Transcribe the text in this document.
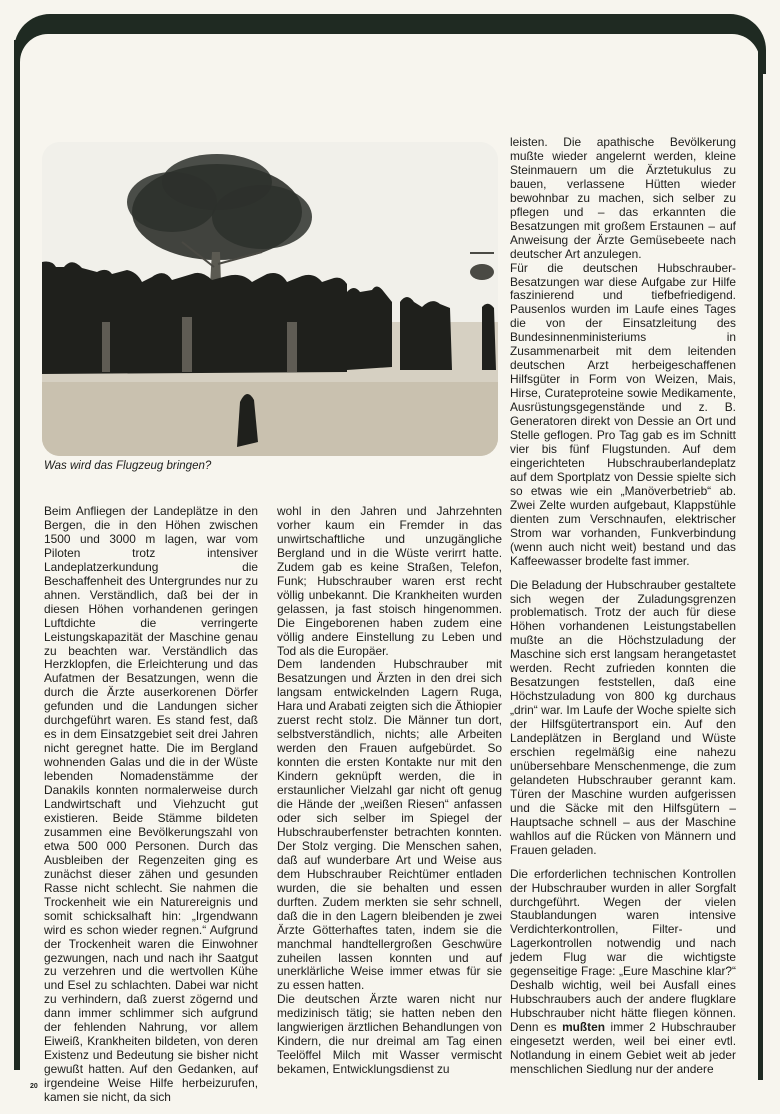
Was wird das Flugzeug bringen?

Beim Anfliegen der Landeplätze in den Bergen, die in den Höhen zwischen 1500 und 3000 m lagen, war vom Piloten trotz intensiver Landeplatzerkundung die Beschaffenheit des Untergrundes nur zu ahnen. Verständlich, daß bei der in diesen Höhen vorhandenen geringen Luftdichte die verringerte Leistungskapazität der Maschine genau zu beachten war. Verständlich das Herzklopfen, die Erleichterung und das Aufatmen der Besatzungen, wenn die durch die Ärzte auserkorenen Dörfer gefunden und die Landungen sicher durchgeführt waren. Es stand fest, daß es in dem Einsatzgebiet seit drei Jahren nicht geregnet hatte. Die im Bergland wohnenden Galas und die in der Wüste lebenden Nomadenstämme der Danakils konnten normalerweise durch Landwirtschaft und Viehzucht gut existieren. Beide Stämme bildeten zusammen eine Bevölkerungszahl von etwa 500 000 Personen. Durch das Ausbleiben der Regenzeiten ging es zunächst dieser zähen und gesunden Rasse nicht schlecht. Sie nahmen die Trockenheit wie ein Naturereignis und somit schicksalhaft hin: „Irgendwann wird es schon wieder regnen.“ Aufgrund der Trockenheit waren die Einwohner gezwungen, nach und nach ihr Saatgut zu verzehren und die wertvollen Kühe und Esel zu schlachten. Dabei war nicht zu verhindern, daß zuerst zögernd und dann immer schlimmer sich aufgrund der fehlenden Nahrung, vor allem Eiweiß, Krankheiten bildeten, von deren Existenz und Bedeutung sie bisher nicht gewußt hatten. Auf den Gedanken, auf irgendeine Weise Hilfe herbeizurufen, kamen sie nicht, da sich

wohl in den Jahren und Jahrzehnten vorher kaum ein Fremder in das unwirtschaftliche und unzugängliche Bergland und in die Wüste verirrt hatte. Zudem gab es keine Straßen, Telefon, Funk; Hubschrauber waren erst recht völlig unbekannt. Die Krankheiten wurden gelassen, ja fast stoisch hingenommen. Die Eingeborenen haben zudem eine völlig andere Einstellung zu Leben und Tod als die Europäer.

Dem landenden Hubschrauber mit Besatzungen und Ärzten in den drei sich langsam entwickelnden Lagern Ruga, Hara und Arabati zeigten sich die Äthiopier zuerst recht stolz. Die Männer tun dort, selbstverständlich, nichts; alle Arbeiten werden den Frauen aufgebürdet. So konnten die ersten Kontakte nur mit den Kindern geknüpft werden, die in erstaunlicher Vielzahl gar nicht oft genug die Hände der „weißen Riesen“ anfassen oder sich selber im Spiegel der Hubschrauberfenster betrachten konnten. Der Stolz verging. Die Menschen sahen, daß auf wunderbare Art und Weise aus dem Hubschrauber Reichtümer entladen wurden, die sie behalten und essen durften. Zudem merkten sie sehr schnell, daß die in den Lagern bleibenden je zwei Ärzte Götterhaftes taten, indem sie die manchmal handtellergroßen Geschwüre zuheilen lassen konnten und auf unerklärliche Weise immer etwas für sie zu essen hatten.

Die deutschen Ärzte waren nicht nur medizinisch tätig; sie hatten neben den langwierigen ärztlichen Behandlungen von Kindern, die nur dreimal am Tag einen Teelöffel Milch mit Wasser vermischt bekamen, Entwicklungsdienst zu

leisten. Die apathische Bevölkerung mußte wieder angelernt werden, kleine Steinmauern um die Ärztetukulus zu bauen, verlassene Hütten wieder bewohnbar zu machen, sich selber zu pflegen und – das erkannten die Besatzungen mit großem Erstaunen – auf Anweisung der Ärzte Gemüsebeete nach deutscher Art anzulegen.

Für die deutschen Hubschrauber-Besatzungen war diese Aufgabe zur Hilfe faszinierend und tiefbefriedigend. Pausenlos wurden im Laufe eines Tages die von der Einsatzleitung des Bundesinnenministeriums in Zusammenarbeit mit dem leitenden deutschen Arzt herbeigeschaffenen Hilfsgüter in Form von Weizen, Mais, Hirse, Curateproteine sowie Medikamente, Ausrüstungsgegenstände und z. B. Generatoren direkt von Dessie an Ort und Stelle geflogen. Pro Tag gab es im Schnitt vier bis fünf Flugstunden. Auf dem eingerichteten Hubschrauberlandeplatz auf dem Sportplatz von Dessie spielte sich so etwas wie ein „Manöverbetrieb“ ab. Zwei Zelte wurden aufgebaut, Klappstühle dienten zum Verschnaufen, elektrischer Strom war vorhanden, Funkverbindung (wenn auch nicht weit) bestand und das Kaffeewasser brodelte fast immer.

Die Beladung der Hubschrauber gestaltete sich wegen der Zuladungsgrenzen problematisch. Trotz der auch für diese Höhen vorhandenen Leistungstabellen mußte an die Höchstzuladung der Maschine sich erst langsam herangetastet werden. Recht zufrieden konnten die Besatzungen feststellen, daß eine Höchstzuladung von 800 kg durchaus „drin“ war. Im Laufe der Woche spielte sich der Hilfsgütertransport ein. Auf den Landeplätzen in Bergland und Wüste erschien regelmäßig eine nahezu unübersehbare Menschenmenge, die zum gelandeten Hubschrauber gerannt kam. Türen der Maschine wurden aufgerissen und die Säcke mit den Hilfsgütern – Hauptsache schnell – aus der Maschine wahllos auf die Rücken von Männern und Frauen geladen.

Die erforderlichen technischen Kontrollen der Hubschrauber wurden in aller Sorgfalt durchgeführt. Wegen der vielen Staublandungen waren intensive Verdichterkontrollen, Filter- und Lagerkontrollen notwendig und nach jedem Flug war die wichtigste gegenseitige Frage: „Eure Maschine klar?“ Deshalb wichtig, weil bei Ausfall eines Hubschraubers auch der andere flugklare Hubschrauber nicht hätte fliegen können. Denn es mußten immer 2 Hubschrauber eingesetzt werden, weil bei einer evtl. Notlandung in einem Gebiet weit ab jeder menschlichen Siedlung nur der andere

20
